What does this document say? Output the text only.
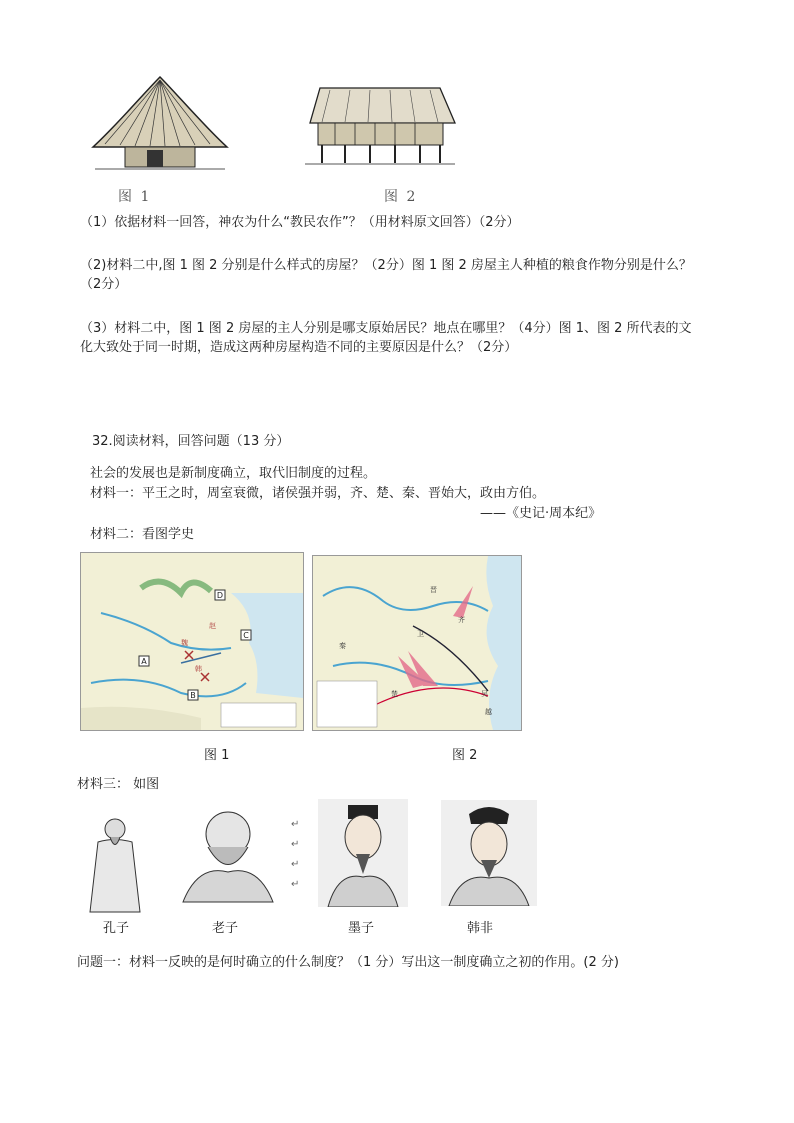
图 1	图 2
（1）依据材料一回答，神农为什么“教民农作”？（用材料原文回答）（2分）
（2)材料二中,图 1 图 2 分别是什么样式的房屋？（2分）图 1 图 2 房屋主人种植的粮食作物分别是什么？
（2分）
（3）材料二中，图 1 图 2 房屋的主人分别是哪支原始居民？地点在哪里？（4分）图 1、图 2 所代表的文
化大致处于同一时期，造成这两种房屋构造不同的主要原因是什么？（2分）
32.阅读材料，回答问题（13 分）
社会的发展也是新制度确立，取代旧制度的过程。
材料一：平王之时，周室衰微，诸侯强并弱，齐、楚、秦、晋始大，政由方伯。
——《史记·周本纪》
材料二：看图学史
D
C
A
B
赵
韩
魏
图 1
晋
齐
卫
楚	吴
越
秦
图 2
材料三： 如图
孔子	老子
↵
↵
↵
↵
墨子	韩非
问题一：材料一反映的是何时确立的什么制度？（1 分）写出这一制度确立之初的作用。(2 分)
